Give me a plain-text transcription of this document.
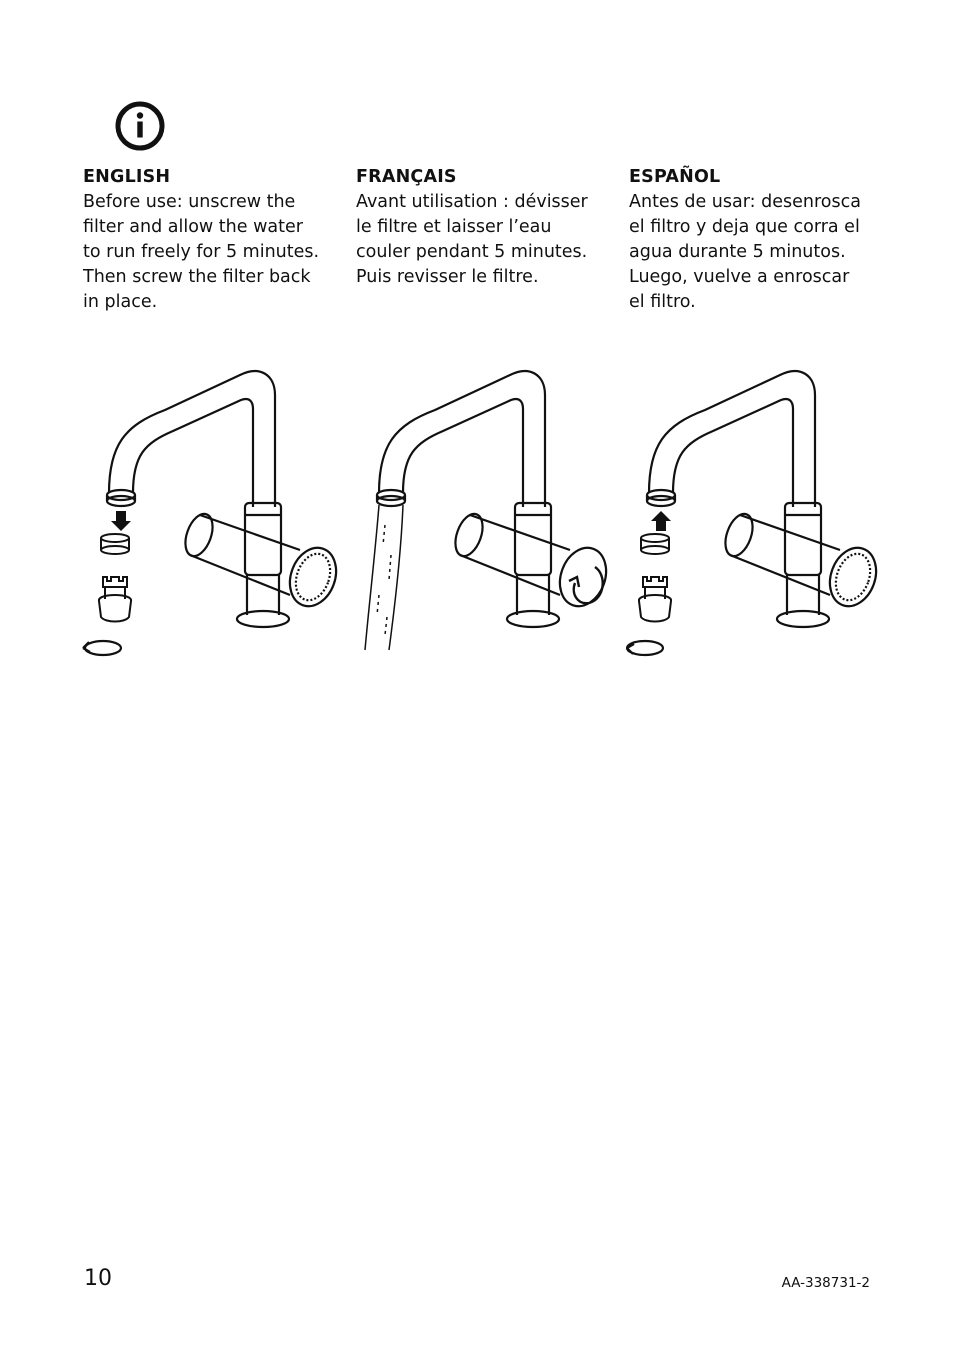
ENGLISH

Before use: unscrew the
filter and allow the water
to run freely for 5 minutes.
Then screw the filter back
in place.

FRANÇAIS

Avant utilisation : dévisser
le filtre et laisser l’eau
couler pendant 5 minutes.
Puis revisser le filtre.

ESPAÑOL

Antes de usar: desenrosca
el filtro y deja que corra el
agua durante 5 minutos.
Luego, vuelve a enroscar
el filtro.

10	AA-338731-2
